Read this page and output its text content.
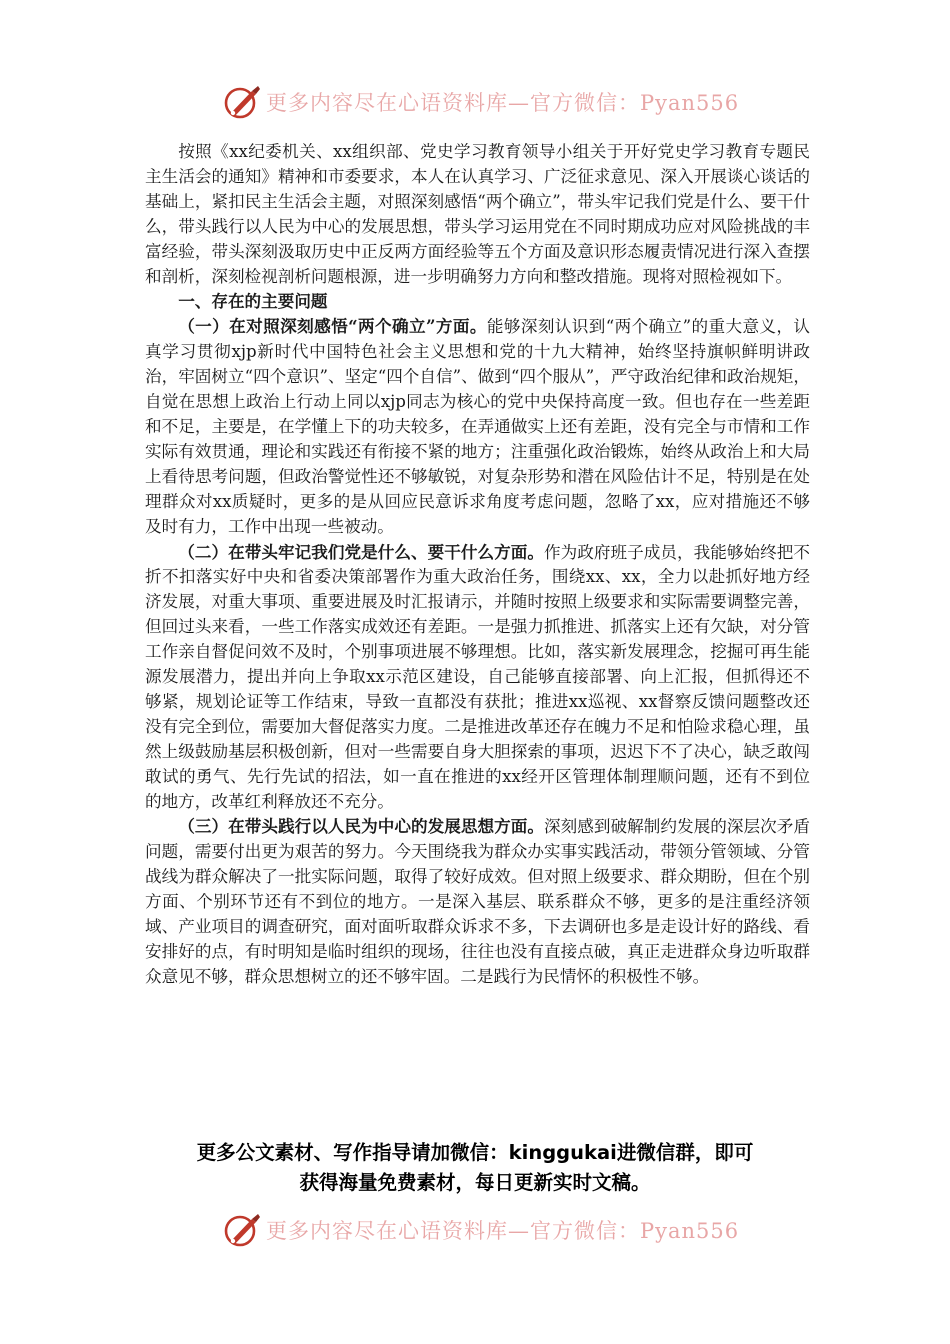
更多内容尽在心语资料库—官方微信：Pyan556

按照《xx纪委机关、xx组织部、党史学习教育领导小组关于开好党史学习教育专题民主生活会的通知》精神和市委要求，本人在认真学习、广泛征求意见、深入开展谈心谈话的基础上，紧扣民主生活会主题，对照深刻感悟“两个确立”，带头牢记我们党是什么、要干什么，带头践行以人民为中心的发展思想，带头学习运用党在不同时期成功应对风险挑战的丰富经验，带头深刻汲取历史中正反两方面经验等五个方面及意识形态履责情况进行深入查摆和剖析，深刻检视剖析问题根源，进一步明确努力方向和整改措施。现将对照检视如下。

一、存在的主要问题

（一）在对照深刻感悟“两个确立”方面。能够深刻认识到“两个确立”的重大意义，认真学习贯彻xjp新时代中国特色社会主义思想和党的十九大精神，始终坚持旗帜鲜明讲政治，牢固树立“四个意识”、坚定“四个自信”、做到“四个服从”，严守政治纪律和政治规矩，自觉在思想上政治上行动上同以xjp同志为核心的党中央保持高度一致。但也存在一些差距和不足，主要是，在学懂上下的功夫较多，在弄通做实上还有差距，没有完全与市情和工作实际有效贯通，理论和实践还有衔接不紧的地方；注重强化政治锻炼，始终从政治上和大局上看待思考问题，但政治警觉性还不够敏锐，对复杂形势和潜在风险估计不足，特别是在处理群众对xx质疑时，更多的是从回应民意诉求角度考虑问题，忽略了xx，应对措施还不够及时有力，工作中出现一些被动。

（二）在带头牢记我们党是什么、要干什么方面。作为政府班子成员，我能够始终把不折不扣落实好中央和省委决策部署作为重大政治任务，围绕xx、xx，全力以赴抓好地方经济发展，对重大事项、重要进展及时汇报请示，并随时按照上级要求和实际需要调整完善，但回过头来看，一些工作落实成效还有差距。一是强力抓推进、抓落实上还有欠缺，对分管工作亲自督促问效不及时，个别事项进展不够理想。比如，落实新发展理念，挖掘可再生能源发展潜力，提出并向上争取xx示范区建设，自己能够直接部署、向上汇报，但抓得还不够紧，规划论证等工作结束，导致一直都没有获批；推进xx巡视、xx督察反馈问题整改还没有完全到位，需要加大督促落实力度。二是推进改革还存在魄力不足和怕险求稳心理，虽然上级鼓励基层积极创新，但对一些需要自身大胆探索的事项，迟迟下不了决心，缺乏敢闯敢试的勇气、先行先试的招法，如一直在推进的xx经开区管理体制理顺问题，还有不到位的地方，改革红利释放还不充分。

（三）在带头践行以人民为中心的发展思想方面。深刻感到破解制约发展的深层次矛盾问题，需要付出更为艰苦的努力。今天围绕我为群众办实事实践活动，带领分管领域、分管战线为群众解决了一批实际问题，取得了较好成效。但对照上级要求、群众期盼，但在个别方面、个别环节还有不到位的地方。一是深入基层、联系群众不够，更多的是注重经济领域、产业项目的调查研究，面对面听取群众诉求不多，下去调研也多是走设计好的路线、看安排好的点，有时明知是临时组织的现场，往往也没有直接点破，真正走进群众身边听取群众意见不够，群众思想树立的还不够牢固。二是践行为民情怀的积极性不够。

更多公文素材、写作指导请加微信：kinggukai进微信群，即可
获得海量免费素材，每日更新实时文稿。
更多内容尽在心语资料库—官方微信：Pyan556
